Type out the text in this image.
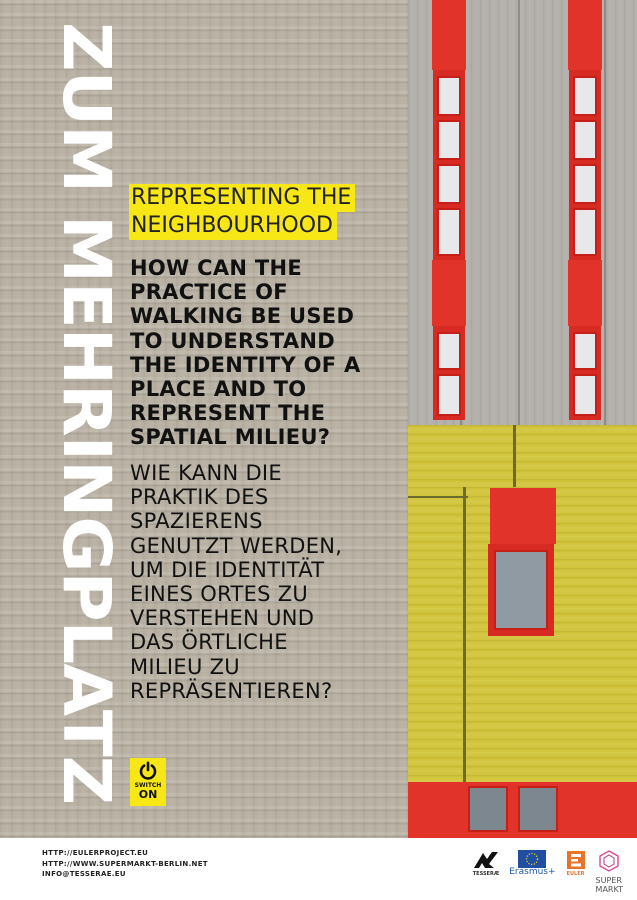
ZUM MEHRINGPLATZ REPRESENTING THE
NEIGHBOURHOOD
HOW CAN THE
PRACTICE OF
WALKING BE USED
TO UNDERSTAND
THE IDENTITY OF A
PLACE AND TO
REPRESENT THE
SPATIAL MILIEU?
WIE KANN DIE
PRAKTIK DES
SPAZIERENS
GENUTZT WERDEN,
UM DIE IDENTITÄT
EINES ORTES ZU
VERSTEHEN UND
DAS ÖRTLICHE
MILIEU ZU
REPRÄSENTIEREN?
SWITCH
ON
HTTP://EULERPROJECT.EU
HTTP://WWW.SUPERMARKT-BERLIN.NET
INFO@TESSERAE.EU	TESSERÆ Erasmus+ EULER
SUPER
MARKT
